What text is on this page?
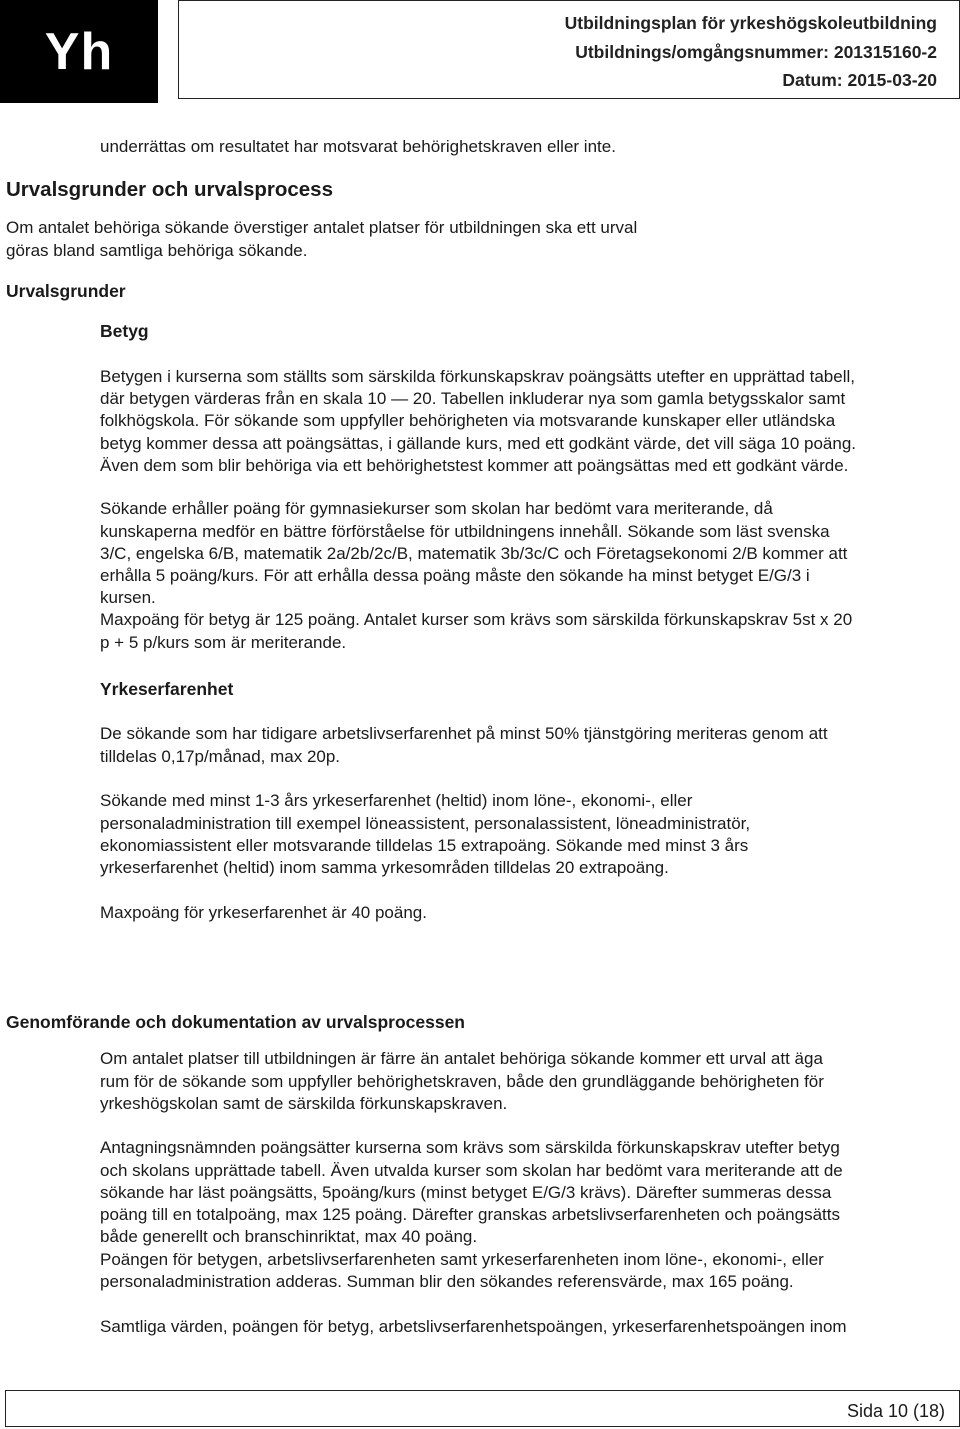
Yh	Utbildningsplan för yrkeshögskoleutbildning
Utbildnings/omgångsnummer: 201315160-2
Datum: 2015-03-20
underrättas om resultatet har motsvarat behörighetskraven eller inte.
Urvalsgrunder och urvalsprocess
Om antalet behöriga sökande överstiger antalet platser för utbildningen ska ett urval
göras bland samtliga behöriga sökande.
Urvalsgrunder
Betyg
Betygen i kurserna som ställts som särskilda förkunskapskrav poängsätts utefter en upprättad tabell,
där betygen värderas från en skala 10 — 20. Tabellen inkluderar nya som gamla betygsskalor samt
folkhögskola. För sökande som uppfyller behörigheten via motsvarande kunskaper eller utländska
betyg kommer dessa att poängsättas, i gällande kurs, med ett godkänt värde, det vill säga 10 poäng.
Även dem som blir behöriga via ett behörighetstest kommer att poängsättas med ett godkänt värde.
Sökande erhåller poäng för gymnasiekurser som skolan har bedömt vara meriterande, då
kunskaperna medför en bättre förförståelse för utbildningens innehåll. Sökande som läst svenska
3/C, engelska 6/B, matematik 2a/2b/2c/B, matematik 3b/3c/C och Företagsekonomi 2/B kommer att
erhålla 5 poäng/kurs. För att erhålla dessa poäng måste den sökande ha minst betyget E/G/3 i
kursen.
Maxpoäng för betyg är 125 poäng. Antalet kurser som krävs som särskilda förkunskapskrav 5st x 20
p + 5 p/kurs som är meriterande.
Yrkeserfarenhet
De sökande som har tidigare arbetslivserfarenhet på minst 50% tjänstgöring meriteras genom att
tilldelas 0,17p/månad, max 20p.
Sökande med minst 1-3 års yrkeserfarenhet (heltid) inom löne-, ekonomi-, eller
personaladministration till exempel löneassistent, personalassistent, löneadministratör,
ekonomiassistent eller motsvarande tilldelas 15 extrapoäng. Sökande med minst 3 års
yrkeserfarenhet (heltid) inom samma yrkesområden tilldelas 20 extrapoäng.
Maxpoäng för yrkeserfarenhet är 40 poäng.
Genomförande och dokumentation av urvalsprocessen
Om antalet platser till utbildningen är färre än antalet behöriga sökande kommer ett urval att äga
rum för de sökande som uppfyller behörighetskraven, både den grundläggande behörigheten för
yrkeshögskolan samt de särskilda förkunskapskraven.
Antagningsnämnden poängsätter kurserna som krävs som särskilda förkunskapskrav utefter betyg
och skolans upprättade tabell. Även utvalda kurser som skolan har bedömt vara meriterande att de
sökande har läst poängsätts, 5poäng/kurs (minst betyget E/G/3 krävs). Därefter summeras dessa
poäng till en totalpoäng, max 125 poäng. Därefter granskas arbetslivserfarenheten och poängsätts
både generellt och branschinriktat, max 40 poäng.
Poängen för betygen, arbetslivserfarenheten samt yrkeserfarenheten inom löne-, ekonomi-, eller
personaladministration adderas. Summan blir den sökandes referensvärde, max 165 poäng.
Samtliga värden, poängen för betyg, arbetslivserfarenhetspoängen, yrkeserfarenhetspoängen inom
Sida 10 (18)
